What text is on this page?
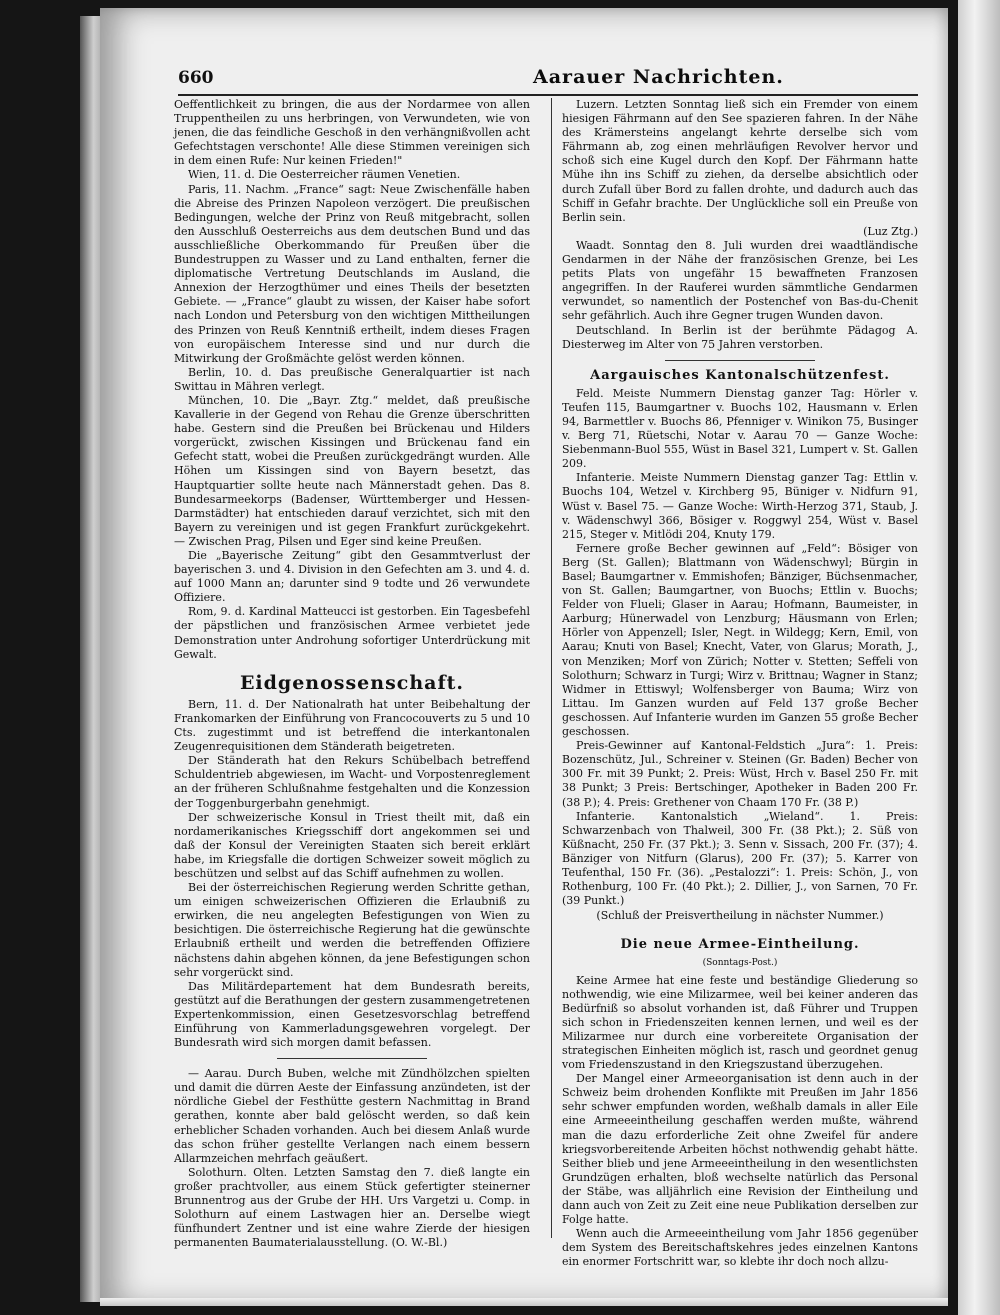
660	Aarauer Nachrichten.

Oeffentlichkeit zu bringen, die aus der Nordarmee von allen Truppentheilen zu uns herbringen, von Verwundeten, wie von jenen, die das feindliche Geschoß in den verhängnißvollen acht Gefechtstagen verschonte! Alle diese Stimmen vereinigen sich in dem einen Rufe: Nur keinen Frieden!"

Wien, 11. d. Die Oesterreicher räumen Venetien.

Paris, 11. Nachm. „France“ sagt: Neue Zwischenfälle haben die Abreise des Prinzen Napoleon verzögert. Die preußischen Bedingungen, welche der Prinz von Reuß mitgebracht, sollen den Ausschluß Oesterreichs aus dem deutschen Bund und das ausschließliche Oberkommando für Preußen über die Bundestruppen zu Wasser und zu Land enthalten, ferner die diplomatische Vertretung Deutschlands im Ausland, die Annexion der Herzogthümer und eines Theils der besetzten Gebiete. — „France“ glaubt zu wissen, der Kaiser habe sofort nach London und Petersburg von den wichtigen Mittheilungen des Prinzen von Reuß Kenntniß ertheilt, indem dieses Fragen von europäischem Interesse sind und nur durch die Mitwirkung der Großmächte gelöst werden können.

Berlin, 10. d. Das preußische Generalquartier ist nach Swittau in Mähren verlegt.

München, 10. Die „Bayr. Ztg.“ meldet, daß preußische Kavallerie in der Gegend von Rehau die Grenze überschritten habe. Gestern sind die Preußen bei Brückenau und Hilders vorgerückt, zwischen Kissingen und Brückenau fand ein Gefecht statt, wobei die Preußen zurückgedrängt wurden. Alle Höhen um Kissingen sind von Bayern besetzt, das Hauptquartier sollte heute nach Männerstadt gehen. Das 8. Bundesarmeekorps (Badenser, Württemberger und Hessen-Darmstädter) hat entschieden darauf verzichtet, sich mit den Bayern zu vereinigen und ist gegen Frankfurt zurückgekehrt. — Zwischen Prag, Pilsen und Eger sind keine Preußen.

Die „Bayerische Zeitung“ gibt den Gesammtverlust der bayerischen 3. und 4. Division in den Gefechten am 3. und 4. d. auf 1000 Mann an; darunter sind 9 todte und 26 verwundete Offiziere.

Rom, 9. d. Kardinal Matteucci ist gestorben. Ein Tagesbefehl der päpstlichen und französischen Armee verbietet jede Demonstration unter Androhung sofortiger Unterdrückung mit Gewalt.

Eidgenossenschaft.

Bern, 11. d. Der Nationalrath hat unter Beibehaltung der Frankomarken der Einführung von Francocouverts zu 5 und 10 Cts. zugestimmt und ist betreffend die interkantonalen Zeugenrequisitionen dem Ständerath beigetreten.

Der Ständerath hat den Rekurs Schübelbach betreffend Schuldentrieb abgewiesen, im Wacht- und Vorpostenreglement an der früheren Schlußnahme festgehalten und die Konzession der Toggenburgerbahn genehmigt.

Der schweizerische Konsul in Triest theilt mit, daß ein nordamerikanisches Kriegsschiff dort angekommen sei und daß der Konsul der Vereinigten Staaten sich bereit erklärt habe, im Kriegsfalle die dortigen Schweizer soweit möglich zu beschützen und selbst auf das Schiff aufnehmen zu wollen.

Bei der österreichischen Regierung werden Schritte gethan, um einigen schweizerischen Offizieren die Erlaubniß zu erwirken, die neu angelegten Befestigungen von Wien zu besichtigen. Die österreichische Regierung hat die gewünschte Erlaubniß ertheilt und werden die betreffenden Offiziere nächstens dahin abgehen können, da jene Befestigungen schon sehr vorgerückt sind.

Das Militärdepartement hat dem Bundesrath bereits, gestützt auf die Berathungen der gestern zusammengetretenen Expertenkommission, einen Gesetzesvorschlag betreffend Einführung von Kammerladungsgewehren vorgelegt. Der Bundesrath wird sich morgen damit befassen.

— Aarau. Durch Buben, welche mit Zündhölzchen spielten und damit die dürren Aeste der Einfassung anzündeten, ist der nördliche Giebel der Festhütte gestern Nachmittag in Brand gerathen, konnte aber bald gelöscht werden, so daß kein erheblicher Schaden vorhanden. Auch bei diesem Anlaß wurde das schon früher gestellte Verlangen nach einem bessern Allarmzeichen mehrfach geäußert.

Solothurn. Olten. Letzten Samstag den 7. dieß langte ein großer prachtvoller, aus einem Stück gefertigter steinerner Brunnentrog aus der Grube der HH. Urs Vargetzi u. Comp. in Solothurn auf einem Lastwagen hier an. Derselbe wiegt fünfhundert Zentner und ist eine wahre Zierde der hiesigen permanenten Baumaterialausstellung. (O. W.-Bl.)

Luzern. Letzten Sonntag ließ sich ein Fremder von einem hiesigen Fährmann auf den See spazieren fahren. In der Nähe des Krämersteins angelangt kehrte derselbe sich vom Fährmann ab, zog einen mehrläufigen Revolver hervor und schoß sich eine Kugel durch den Kopf. Der Fährmann hatte Mühe ihn ins Schiff zu ziehen, da derselbe absichtlich oder durch Zufall über Bord zu fallen drohte, und dadurch auch das Schiff in Gefahr brachte. Der Unglückliche soll ein Preuße von Berlin sein.

(Luz Ztg.)

Waadt. Sonntag den 8. Juli wurden drei waadtländische Gendarmen in der Nähe der französischen Grenze, bei Les petits Plats von ungefähr 15 bewaffneten Franzosen angegriffen. In der Rauferei wurden sämmtliche Gendarmen verwundet, so namentlich der Postenchef von Bas-du-Chenit sehr gefährlich. Auch ihre Gegner trugen Wunden davon.

Deutschland. In Berlin ist der berühmte Pädagog A. Diesterweg im Alter von 75 Jahren verstorben.

Aargauisches Kantonalschützenfest.

Feld. Meiste Nummern Dienstag ganzer Tag: Hörler v. Teufen 115, Baumgartner v. Buochs 102, Hausmann v. Erlen 94, Barmettler v. Buochs 86, Pfenniger v. Winikon 75, Businger v. Berg 71, Rüetschi, Notar v. Aarau 70 — Ganze Woche: Siebenmann-Buol 555, Wüst in Basel 321, Lumpert v. St. Gallen 209.

Infanterie. Meiste Nummern Dienstag ganzer Tag: Ettlin v. Buochs 104, Wetzel v. Kirchberg 95, Büniger v. Nidfurn 91, Wüst v. Basel 75. — Ganze Woche: Wirth-Herzog 371, Staub, J. v. Wädenschwyl 366, Bösiger v. Roggwyl 254, Wüst v. Basel 215, Steger v. Mitlödi 204, Knuty 179.

Fernere große Becher gewinnen auf „Feld“: Bösiger von Berg (St. Gallen); Blattmann von Wädenschwyl; Bürgin in Basel; Baumgartner v. Emmishofen; Bänziger, Büchsenmacher, von St. Gallen; Baumgartner, von Buochs; Ettlin v. Buochs; Felder von Flueli; Glaser in Aarau; Hofmann, Baumeister, in Aarburg; Hünerwadel von Lenzburg; Häusmann von Erlen; Hörler von Appenzell; Isler, Negt. in Wildegg; Kern, Emil, von Aarau; Knuti von Basel; Knecht, Vater, von Glarus; Morath, J., von Menziken; Morf von Zürich; Notter v. Stetten; Seffeli von Solothurn; Schwarz in Turgi; Wirz v. Brittnau; Wagner in Stanz; Widmer in Ettiswyl; Wolfensberger von Bauma; Wirz von Littau. Im Ganzen wurden auf Feld 137 große Becher geschossen. Auf Infanterie wurden im Ganzen 55 große Becher geschossen.

Preis-Gewinner auf Kantonal-Feldstich „Jura“: 1. Preis: Bozenschütz, Jul., Schreiner v. Steinen (Gr. Baden) Becher von 300 Fr. mit 39 Punkt; 2. Preis: Wüst, Hrch v. Basel 250 Fr. mit 38 Punkt; 3 Preis: Bertschinger, Apotheker in Baden 200 Fr. (38 P.); 4. Preis: Grethener von Chaam 170 Fr. (38 P.)

Infanterie. Kantonalstich „Wieland“. 1. Preis: Schwarzenbach von Thalweil, 300 Fr. (38 Pkt.); 2. Süß von Küßnacht, 250 Fr. (37 Pkt.); 3. Senn v. Sissach, 200 Fr. (37); 4. Bänziger von Nitfurn (Glarus), 200 Fr. (37); 5. Karrer von Teufenthal, 150 Fr. (36). „Pestalozzi“: 1. Preis: Schön, J., von Rothenburg, 100 Fr. (40 Pkt.); 2. Dillier, J., von Sarnen, 70 Fr. (39 Punkt.)

(Schluß der Preisvertheilung in nächster Nummer.)

Die neue Armee-Eintheilung.
(Sonntags-Post.)

Keine Armee hat eine feste und beständige Gliederung so nothwendig, wie eine Milizarmee, weil bei keiner anderen das Bedürfniß so absolut vorhanden ist, daß Führer und Truppen sich schon in Friedenszeiten kennen lernen, und weil es der Milizarmee nur durch eine vorbereitete Organisation der strategischen Einheiten möglich ist, rasch und geordnet genug vom Friedenszustand in den Kriegszustand überzugehen.

Der Mangel einer Armeeorganisation ist denn auch in der Schweiz beim drohenden Konflikte mit Preußen im Jahr 1856 sehr schwer empfunden worden, weßhalb damals in aller Eile eine Armeeeintheilung geschaffen werden mußte, während man die dazu erforderliche Zeit ohne Zweifel für andere kriegsvorbereitende Arbeiten höchst nothwendig gehabt hätte. Seither blieb und jene Armeeeintheilung in den wesentlichsten Grundzügen erhalten, bloß wechselte natürlich das Personal der Stäbe, was alljährlich eine Revision der Eintheilung und dann auch von Zeit zu Zeit eine neue Publikation derselben zur Folge hatte.

Wenn auch die Armeeeintheilung vom Jahr 1856 gegenüber dem System des Bereitschaftskehres jedes einzelnen Kantons ein enormer Fortschritt war, so klebte ihr doch noch allzu-
